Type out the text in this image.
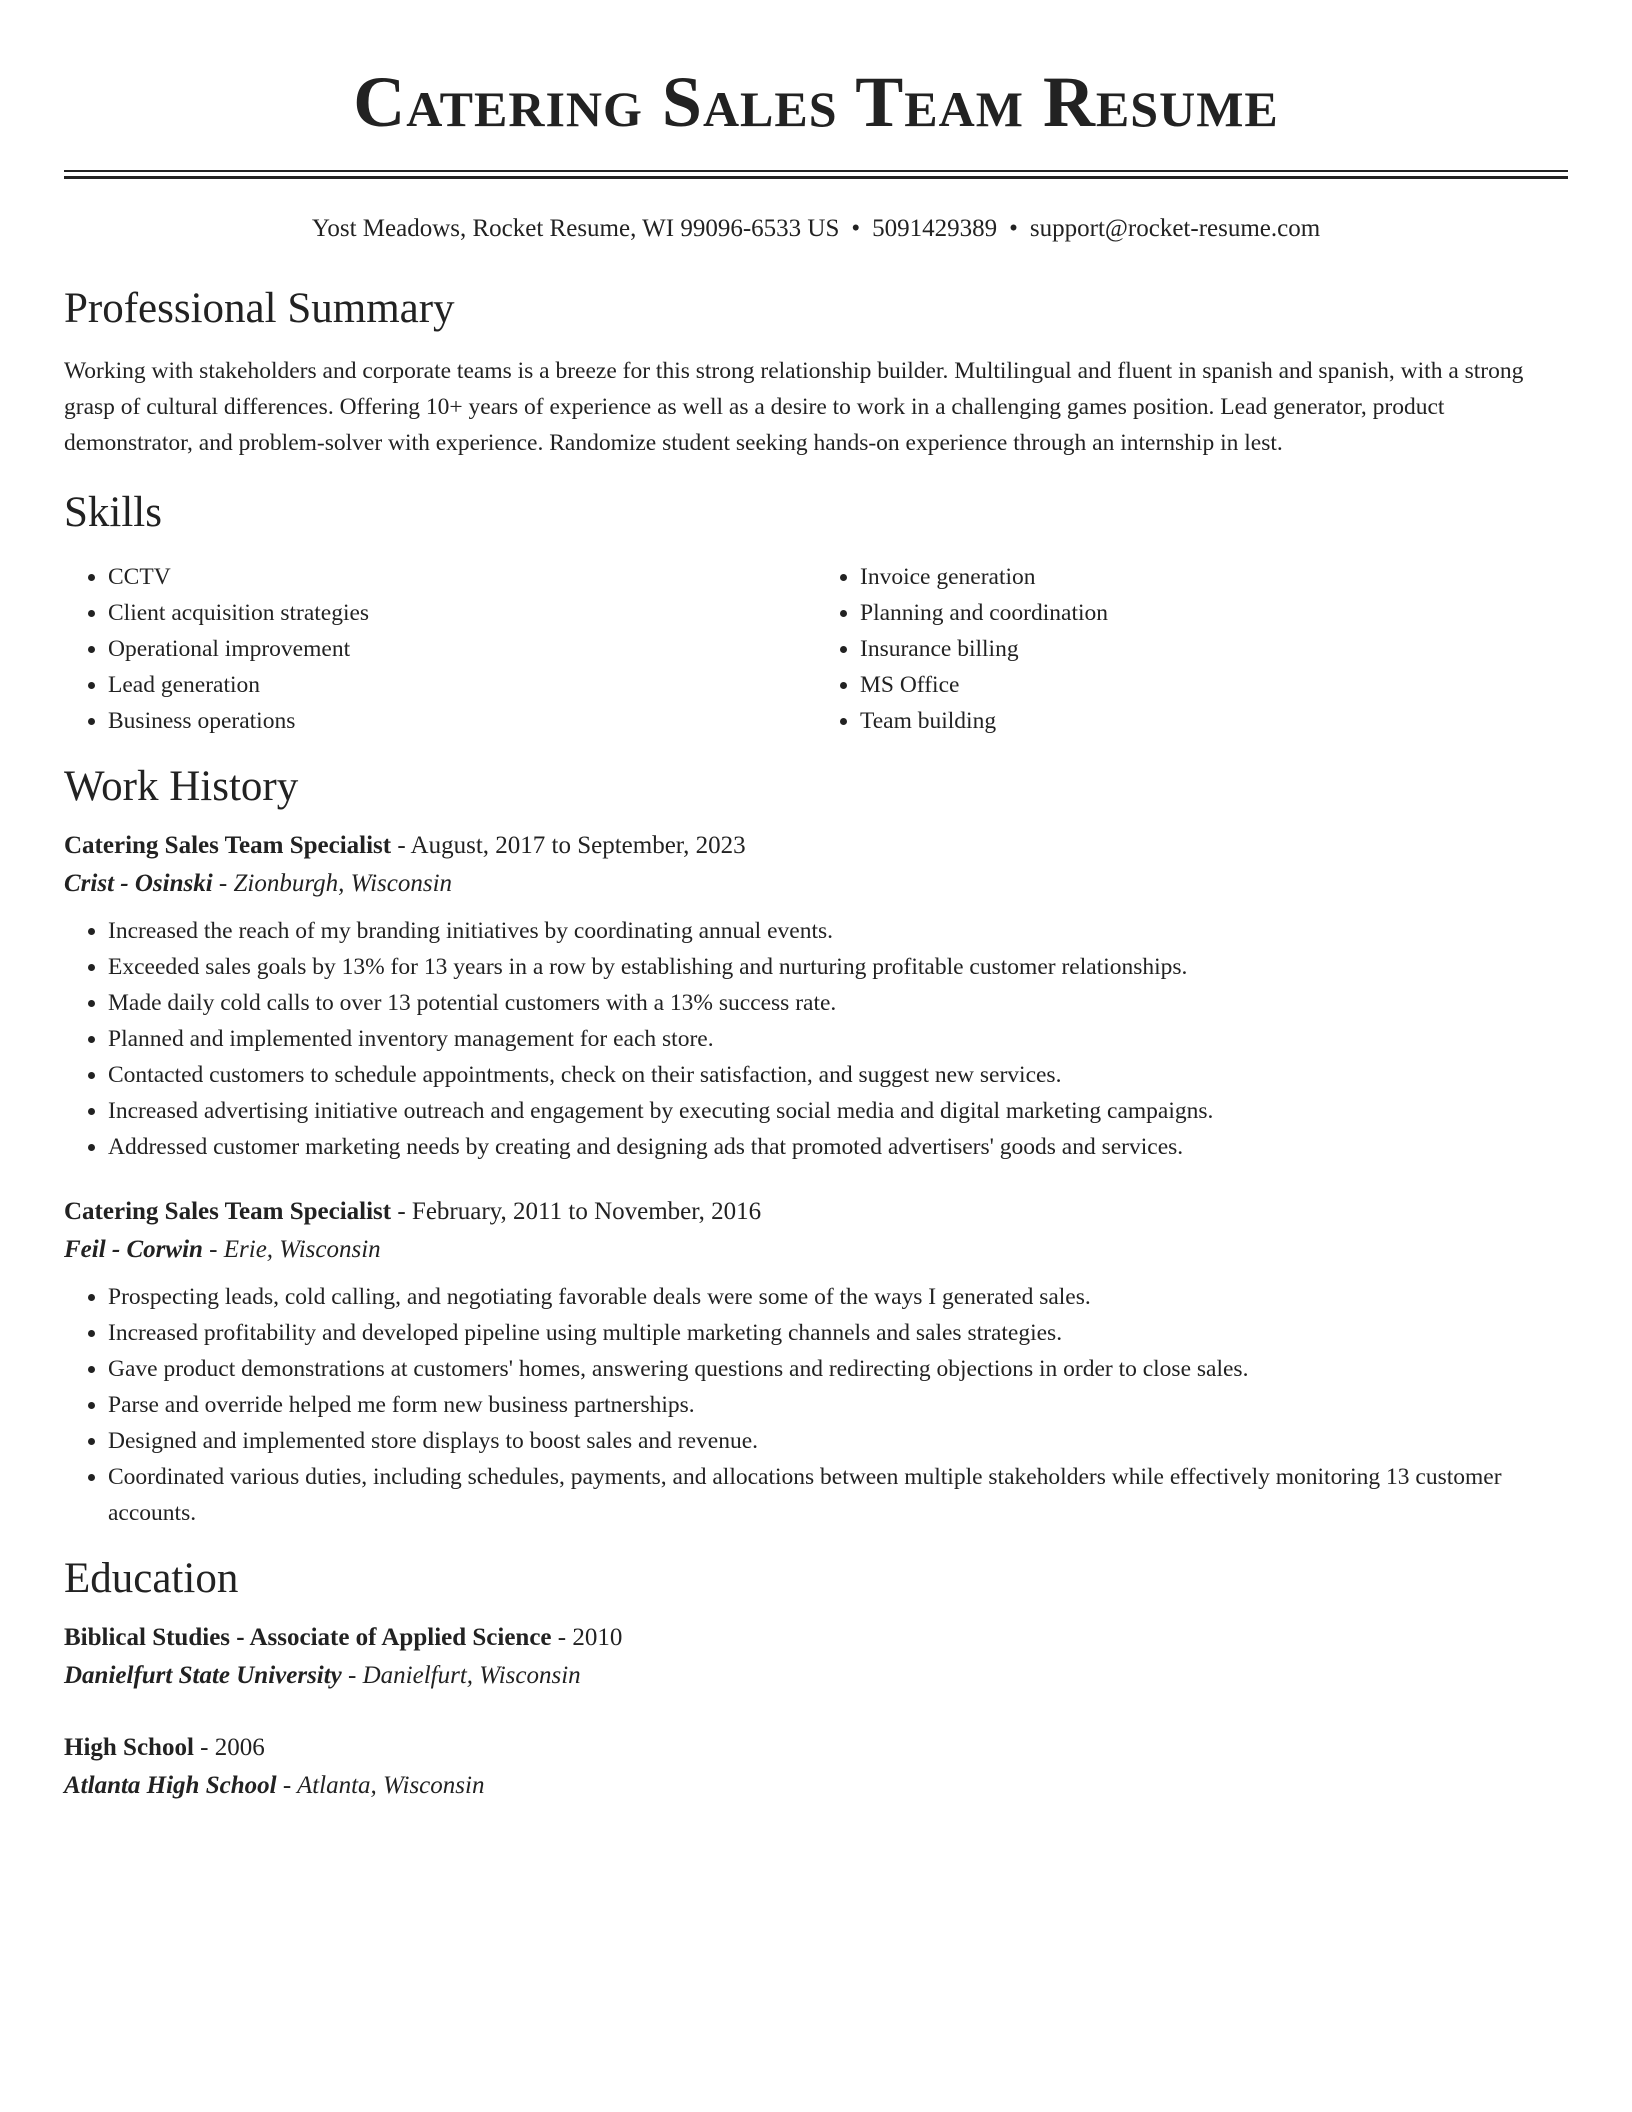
Catering Sales Team Resume
Yost Meadows, Rocket Resume, WI 99096-6533 US • 5091429389 • support@rocket-resume.com
Professional Summary
Working with stakeholders and corporate teams is a breeze for this strong relationship builder. Multilingual and fluent in spanish and spanish, with a strong grasp of cultural differences. Offering 10+ years of experience as well as a desire to work in a challenging games position. Lead generator, product demonstrator, and problem-solver with experience. Randomize student seeking hands-on experience through an internship in lest.
Skills
• CCTV
• Client acquisition strategies
• Operational improvement
• Lead generation
• Business operations
• Invoice generation
• Planning and coordination
• Insurance billing
• MS Office
• Team building
Work History
Catering Sales Team Specialist - August, 2017 to September, 2023
Crist - Osinski - Zionburgh, Wisconsin
• Increased the reach of my branding initiatives by coordinating annual events.
• Exceeded sales goals by 13% for 13 years in a row by establishing and nurturing profitable customer relationships.
• Made daily cold calls to over 13 potential customers with a 13% success rate.
• Planned and implemented inventory management for each store.
• Contacted customers to schedule appointments, check on their satisfaction, and suggest new services.
• Increased advertising initiative outreach and engagement by executing social media and digital marketing campaigns.
• Addressed customer marketing needs by creating and designing ads that promoted advertisers' goods and services.
Catering Sales Team Specialist - February, 2011 to November, 2016
Feil - Corwin - Erie, Wisconsin
• Prospecting leads, cold calling, and negotiating favorable deals were some of the ways I generated sales.
• Increased profitability and developed pipeline using multiple marketing channels and sales strategies.
• Gave product demonstrations at customers' homes, answering questions and redirecting objections in order to close sales.
• Parse and override helped me form new business partnerships.
• Designed and implemented store displays to boost sales and revenue.
• Coordinated various duties, including schedules, payments, and allocations between multiple stakeholders while effectively monitoring 13 customer accounts.
Education
Biblical Studies - Associate of Applied Science - 2010
Danielfurt State University - Danielfurt, Wisconsin
High School - 2006
Atlanta High School - Atlanta, Wisconsin
